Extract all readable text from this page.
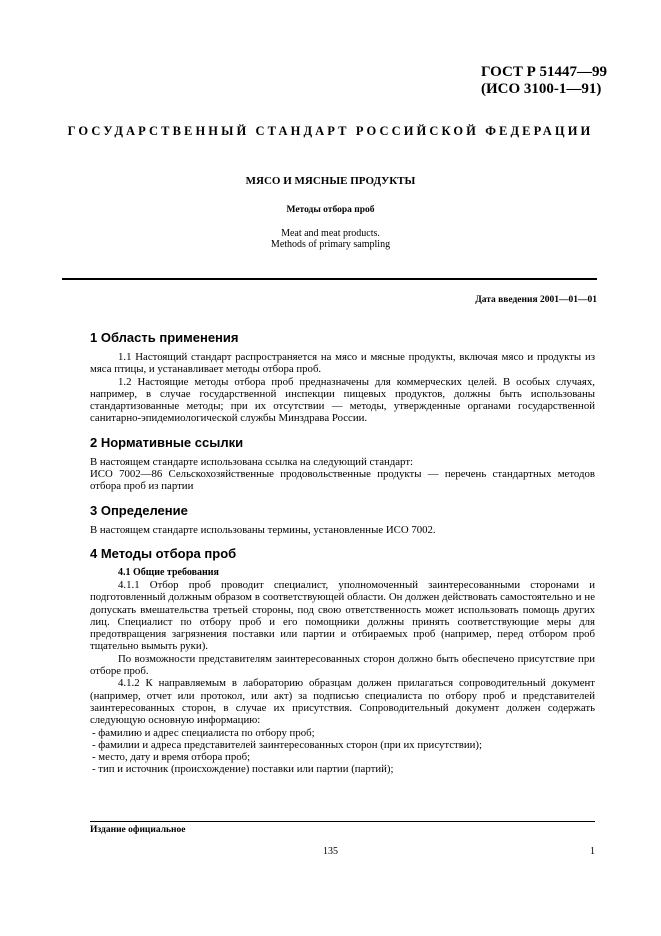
ГОСТ Р 51447—99
(ИСО 3100-1—91)
ГОСУДАРСТВЕННЫЙ СТАНДАРТ РОССИЙСКОЙ ФЕДЕРАЦИИ
МЯСО И МЯСНЫЕ ПРОДУКТЫ
Методы отбора проб
Meat and meat products.
Methods of primary sampling
Дата введения 2001—01—01
1 Область применения

1.1 Настоящий стандарт распространяется на мясо и мясные продукты, включая мясо и продукты из мяса птицы, и устанавливает методы отбора проб.

1.2 Настоящие методы отбора проб предназначены для коммерческих целей. В особых случаях, например, в случае государственной инспекции пищевых продуктов, должны быть использованы стандартизованные методы; при их отсутствии — методы, утвержденные органами государственной санитарно-эпидемиологической службы Минздрава России.

2 Нормативные ссылки

В настоящем стандарте использована ссылка на следующий стандарт:

ИСО 7002—86 Сельскохозяйственные продовольственные продукты — перечень стандартных методов отбора проб из партии

3 Определение

В настоящем стандарте использованы термины, установленные ИСО 7002.

4 Методы отбора проб
4.1 Общие требования

4.1.1 Отбор проб проводит специалист, уполномоченный заинтересованными сторонами и подготовленный должным образом в соответствующей области. Он должен действовать самостоятельно и не допускать вмешательства третьей стороны, под свою ответственность может использовать помощь других лиц. Специалист по отбору проб и его помощники должны принять соответствующие меры для предотвращения загрязнения поставки или партии и отбираемых проб (например, перед отбором проб тщательно вымыть руки).

По возможности представителям заинтересованных сторон должно быть обеспечено присутствие при отборе проб.

4.1.2 К направляемым в лабораторию образцам должен прилагаться сопроводительный документ (например, отчет или протокол, или акт) за подписью специалиста по отбору проб и представителей заинтересованных сторон, в случае их присутствия. Сопроводительный документ должен содержать следующую основную информацию:

- фамилию и адрес специалиста по отбору проб;
- фамилии и адреса представителей заинтересованных сторон (при их присутствии);
- место, дату и время отбора проб;
- тип и источник (происхождение) поставки или партии (партий);
Издание официальное
135	1
